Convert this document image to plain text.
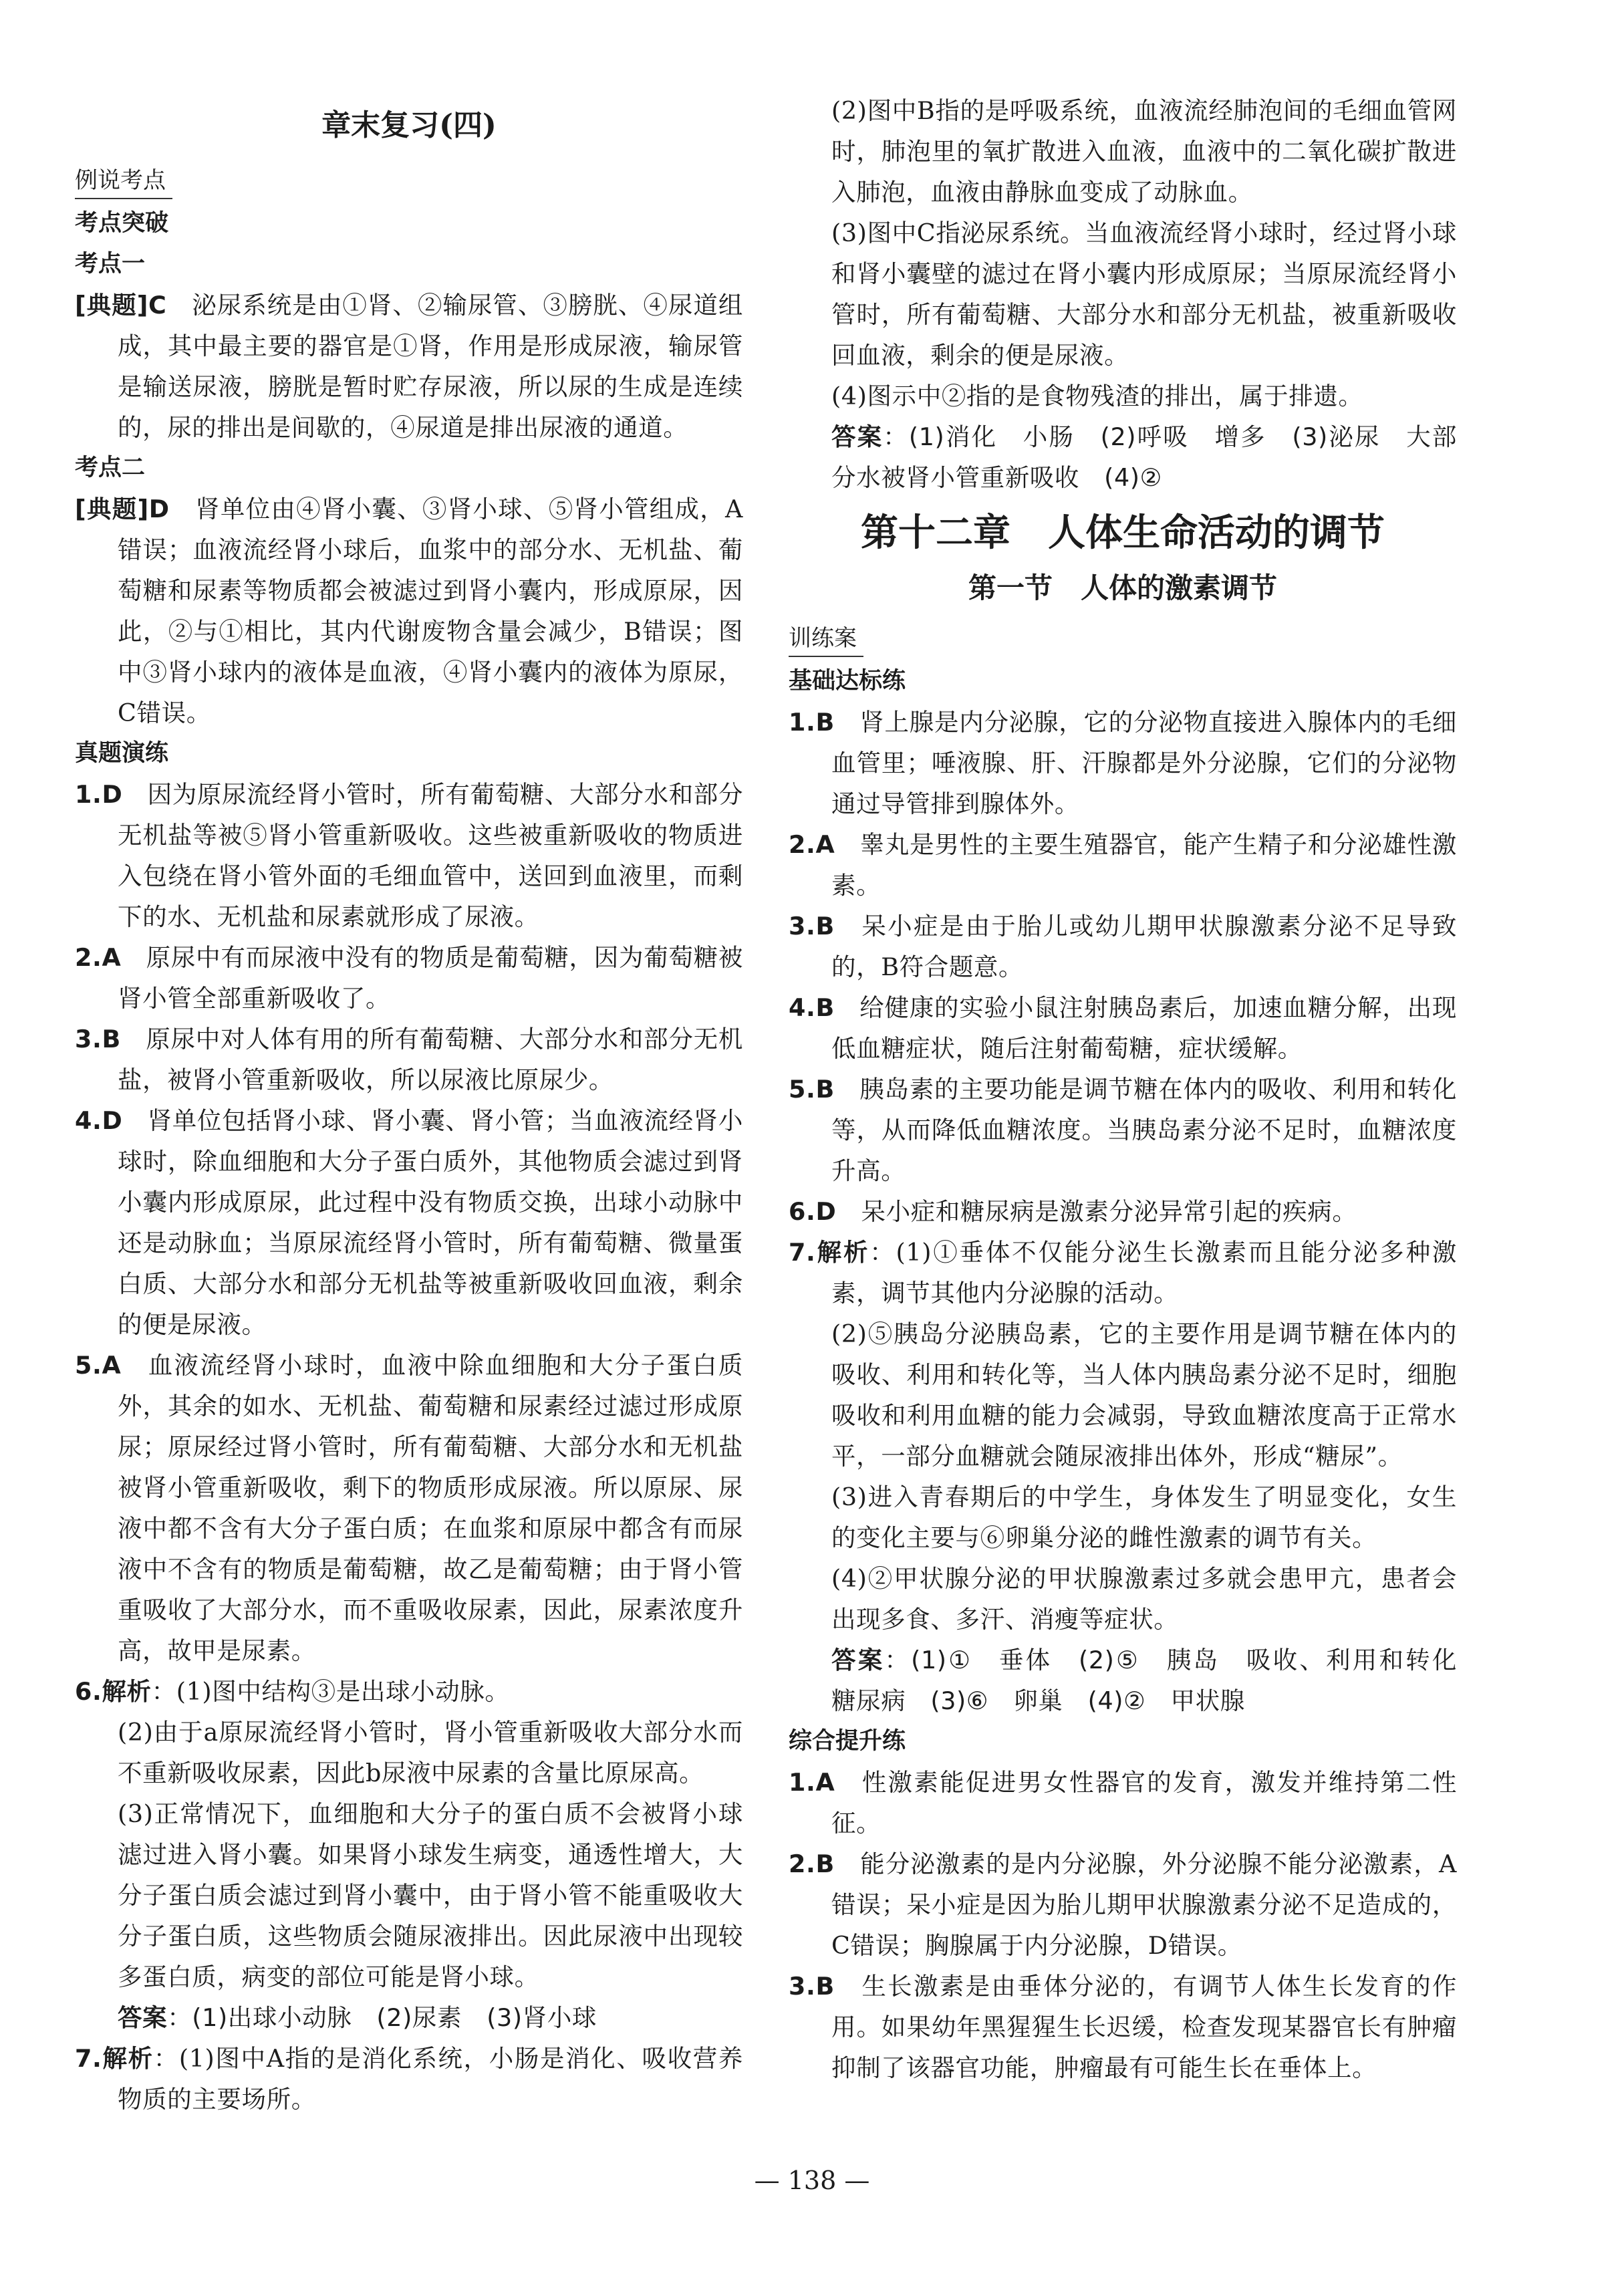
章末复习(四)
例说考点

考点突破

考点一

[典题]C　 泌尿系统是由①肾、②输尿管、③膀胱、④尿道组成，其中最主要的器官是①肾，作用是形成尿液，输尿管是输送尿液，膀胱是暂时贮存尿液，所以尿的生成是连续的，尿的排出是间歇的，④尿道是排出尿液的通道。

考点二

[典题]D　 肾单位由④肾小囊、③肾小球、⑤肾小管组成，A错误；血液流经肾小球后，血浆中的部分水、无机盐、葡萄糖和尿素等物质都会被滤过到肾小囊内，形成原尿，因此，②与①相比，其内代谢废物含量会减少，B错误；图中③肾小球内的液体是血液，④肾小囊内的液体为原尿，C错误。

真题演练

1.D　 因为原尿流经肾小管时，所有葡萄糖、大部分水和部分无机盐等被⑤肾小管重新吸收。这些被重新吸收的物质进入包绕在肾小管外面的毛细血管中，送回到血液里，而剩下的水、无机盐和尿素就形成了尿液。

2.A　 原尿中有而尿液中没有的物质是葡萄糖，因为葡萄糖被肾小管全部重新吸收了。

3.B　 原尿中对人体有用的所有葡萄糖、大部分水和部分无机盐，被肾小管重新吸收，所以尿液比原尿少。

4.D　 肾单位包括肾小球、肾小囊、肾小管；当血液流经肾小球时，除血细胞和大分子蛋白质外，其他物质会滤过到肾小囊内形成原尿，此过程中没有物质交换，出球小动脉中还是动脉血；当原尿流经肾小管时，所有葡萄糖、微量蛋白质、大部分水和部分无机盐等被重新吸收回血液，剩余的便是尿液。

5.A　 血液流经肾小球时，血液中除血细胞和大分子蛋白质外，其余的如水、无机盐、葡萄糖和尿素经过滤过形成原尿；原尿经过肾小管时，所有葡萄糖、大部分水和无机盐被肾小管重新吸收，剩下的物质形成尿液。所以原尿、尿液中都不含有大分子蛋白质；在血浆和原尿中都含有而尿液中不含有的物质是葡萄糖，故乙是葡萄糖；由于肾小管重吸收了大部分水，而不重吸收尿素，因此，尿素浓度升高，故甲是尿素。

6.解析：(1)图中结构③是出球小动脉。

(2)由于a原尿流经肾小管时，肾小管重新吸收大部分水而不重新吸收尿素，因此b尿液中尿素的含量比原尿高。

(3)正常情况下，血细胞和大分子的蛋白质不会被肾小球滤过进入肾小囊。如果肾小球发生病变，通透性增大，大分子蛋白质会滤过到肾小囊中，由于肾小管不能重吸收大分子蛋白质，这些物质会随尿液排出。因此尿液中出现较多蛋白质，病变的部位可能是肾小球。

答案：(1)出球小动脉　(2)尿素　(3)肾小球

7.解析：(1)图中A指的是消化系统，小肠是消化、吸收营养物质的主要场所。

(2)图中B指的是呼吸系统，血液流经肺泡间的毛细血管网时，肺泡里的氧扩散进入血液，血液中的二氧化碳扩散进入肺泡，血液由静脉血变成了动脉血。

(3)图中C指泌尿系统。当血液流经肾小球时，经过肾小球和肾小囊壁的滤过在肾小囊内形成原尿；当原尿流经肾小管时，所有葡萄糖、大部分水和部分无机盐，被重新吸收回血液，剩余的便是尿液。

(4)图示中②指的是食物残渣的排出，属于排遗。

答案：(1)消化　小肠　(2)呼吸　增多　(3)泌尿　大部分水被肾小管重新吸收　(4)②

第十二章　人体生命活动的调节
第一节　人体的激素调节
训练案

基础达标练

1.B　 肾上腺是内分泌腺，它的分泌物直接进入腺体内的毛细血管里；唾液腺、肝、汗腺都是外分泌腺，它们的分泌物通过导管排到腺体外。

2.A　 睾丸是男性的主要生殖器官，能产生精子和分泌雄性激素。

3.B　 呆小症是由于胎儿或幼儿期甲状腺激素分泌不足导致的，B符合题意。

4.B　 给健康的实验小鼠注射胰岛素后，加速血糖分解，出现低血糖症状，随后注射葡萄糖，症状缓解。

5.B　 胰岛素的主要功能是调节糖在体内的吸收、利用和转化等，从而降低血糖浓度。当胰岛素分泌不足时，血糖浓度升高。

6.D　 呆小症和糖尿病是激素分泌异常引起的疾病。

7.解析：(1)①垂体不仅能分泌生长激素而且能分泌多种激素，调节其他内分泌腺的活动。

(2)⑤胰岛分泌胰岛素，它的主要作用是调节糖在体内的吸收、利用和转化等，当人体内胰岛素分泌不足时，细胞吸收和利用血糖的能力会减弱，导致血糖浓度高于正常水平，一部分血糖就会随尿液排出体外，形成“糖尿”。

(3)进入青春期后的中学生，身体发生了明显变化，女生的变化主要与⑥卵巢分泌的雌性激素的调节有关。

(4)②甲状腺分泌的甲状腺激素过多就会患甲亢，患者会出现多食、多汗、消瘦等症状。

答案：(1)①　垂体　(2)⑤　胰岛　吸收、利用和转化　糖尿病　(3)⑥　卵巢　(4)②　甲状腺

综合提升练

1.A　 性激素能促进男女性器官的发育，激发并维持第二性征。

2.B　 能分泌激素的是内分泌腺，外分泌腺不能分泌激素，A错误；呆小症是因为胎儿期甲状腺激素分泌不足造成的，C错误；胸腺属于内分泌腺，D错误。

3.B　 生长激素是由垂体分泌的，有调节人体生长发育的作用。如果幼年黑猩猩生长迟缓，检查发现某器官长有肿瘤抑制了该器官功能，肿瘤最有可能生长在垂体上。

— 138 —
